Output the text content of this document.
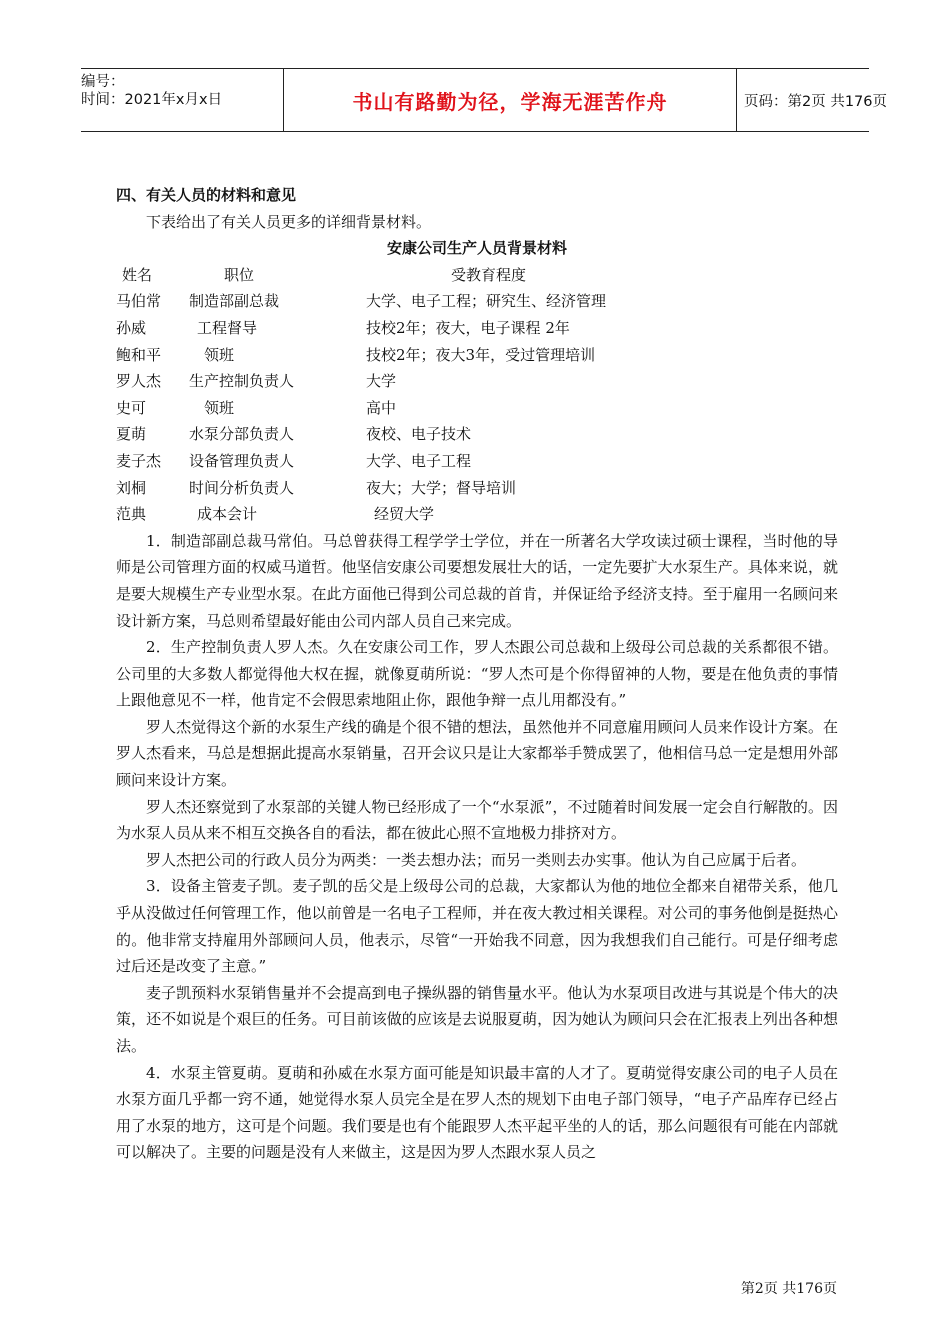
编号：
时间：2021年x月x日	书山有路勤为径，学海无涯苦作舟	页码：第2页 共176页

四、有关人员的材料和意见

下表给出了有关人员更多的详细背景材料。

安康公司生产人员背景材料

姓名	职位	受教育程度
马伯常 制造部副总裁	大学、电子工程；研究生、经济管理
孙威	工程督导	技校2年；夜大，电子课程 2年
鲍和平	领班	技校2年；夜大3年，受过管理培训
罗人杰 生产控制负责人	大学
史可	领班	高中
夏萌	水泵分部负责人	夜校、电子技术
麦子杰 设备管理负责人	大学、电子工程
刘桐	时间分析负责人	夜大；大学；督导培训
范典	成本会计	经贸大学

1．制造部副总裁马常伯。马总曾获得工程学学士学位，并在一所著名大学攻读过硕士课程，当时他的导师是公司管理方面的权威马道哲。他坚信安康公司要想发展壮大的话，一定先要扩大水泵生产。具体来说，就是要大规模生产专业型水泵。在此方面他已得到公司总裁的首肯，并保证给予经济支持。至于雇用一名顾问来设计新方案，马总则希望最好能由公司内部人员自己来完成。

2．生产控制负责人罗人杰。久在安康公司工作，罗人杰跟公司总裁和上级母公司总裁的关系都很不错。公司里的大多数人都觉得他大权在握，就像夏萌所说：“罗人杰可是个你得留神的人物，要是在他负责的事情上跟他意见不一样，他肯定不会假思索地阻止你，跟他争辩一点儿用都没有。”

罗人杰觉得这个新的水泵生产线的确是个很不错的想法，虽然他并不同意雇用顾问人员来作设计方案。在罗人杰看来，马总是想据此提高水泵销量，召开会议只是让大家都举手赞成罢了，他相信马总一定是想用外部顾问来设计方案。

罗人杰还察觉到了水泵部的关键人物已经形成了一个“水泵派”，不过随着时间发展一定会自行解散的。因为水泵人员从来不相互交换各自的看法，都在彼此心照不宣地极力排挤对方。

罗人杰把公司的行政人员分为两类：一类去想办法；而另一类则去办实事。他认为自己应属于后者。

3．设备主管麦子凯。麦子凯的岳父是上级母公司的总裁，大家都认为他的地位全都来自裙带关系，他几乎从没做过任何管理工作，他以前曾是一名电子工程师，并在夜大教过相关课程。对公司的事务他倒是挺热心的。他非常支持雇用外部顾问人员，他表示，尽管“一开始我不同意，因为我想我们自己能行。可是仔细考虑过后还是改变了主意。”

麦子凯预料水泵销售量并不会提高到电子操纵器的销售量水平。他认为水泵项目改进与其说是个伟大的决策，还不如说是个艰巨的任务。可目前该做的应该是去说服夏萌，因为她认为顾问只会在汇报表上列出各种想法。

4．水泵主管夏萌。夏萌和孙威在水泵方面可能是知识最丰富的人才了。夏萌觉得安康公司的电子人员在水泵方面几乎都一窍不通，她觉得水泵人员完全是在罗人杰的规划下由电子部门领导，“电子产品库存已经占用了水泵的地方，这可是个问题。我们要是也有个能跟罗人杰平起平坐的人的话，那么问题很有可能在内部就可以解决了。主要的问题是没有人来做主，这是因为罗人杰跟水泵人员之

第2页 共176页
